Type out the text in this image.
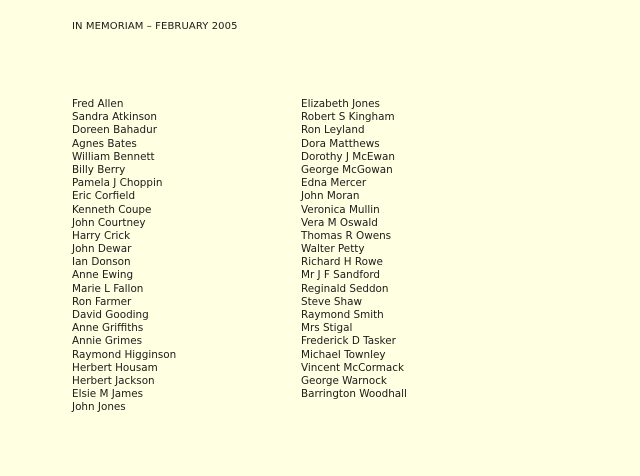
IN MEMORIAM – FEBRUARY 2005
Fred Allen
Sandra Atkinson
Doreen Bahadur
Agnes Bates
William Bennett
Billy Berry
Pamela J Choppin
Eric Corfield
Kenneth Coupe
John Courtney
Harry Crick
John Dewar
Ian Donson
Anne Ewing
Marie L Fallon
Ron Farmer
David Gooding
Anne Griffiths
Annie Grimes
Raymond Higginson
Herbert Housam
Herbert Jackson
Elsie M James
John Jones
Elizabeth Jones
Robert S Kingham
Ron Leyland
Dora Matthews
Dorothy J McEwan
George McGowan
Edna Mercer
John Moran
Veronica Mullin
Vera M Oswald
Thomas R Owens
Walter Petty
Richard H Rowe
Mr J F Sandford
Reginald Seddon
Steve Shaw
Raymond Smith
Mrs Stigal
Frederick D Tasker
Michael Townley
Vincent McCormack
George Warnock
Barrington Woodhall
